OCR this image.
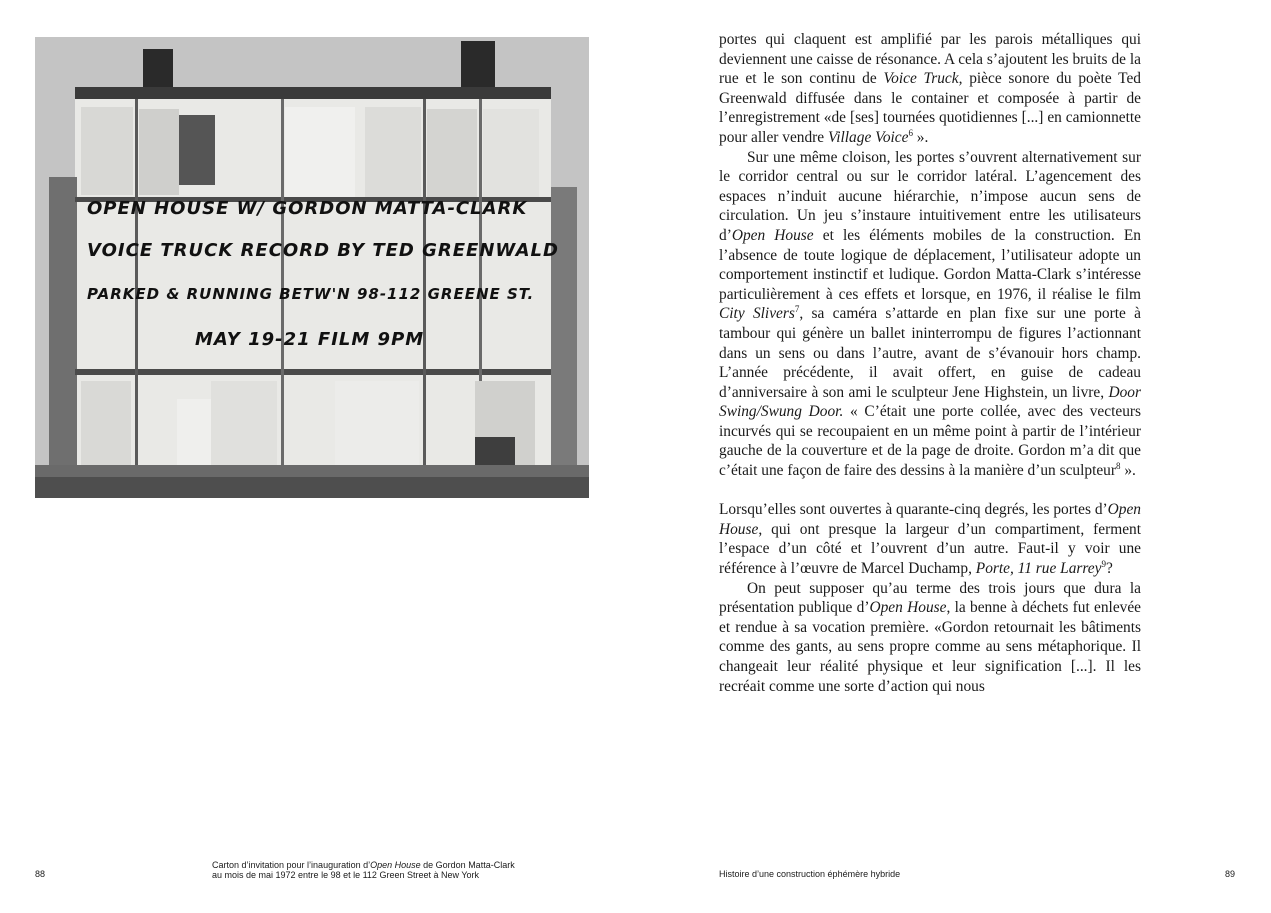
OPEN HOUSE W/ GORDON MATTA-CLARK
VOICE TRUCK RECORD BY TED GREENWALD
PARKED & RUNNING BETW'N 98-112 GREENE ST.
MAY 19-21 FILM 9PM

portes qui claquent est amplifié par les parois métalliques qui deviennent une caisse de résonance. A cela s’ajoutent les bruits de la rue et le son continu de Voice Truck, pièce sonore du poète Ted Greenwald diffusée dans le container et composée à partir de l’enregistrement «de [ses] tournées quotidiennes [...] en camionnette pour aller vendre Village Voice$^6$ ».

Sur une même cloison, les portes s’ouvrent alternativement sur le corridor central ou sur le corridor latéral. L’agencement des espaces n’induit aucune hiérarchie, n’impose aucun sens de circulation. Un jeu s’instaure intuitivement entre les utilisateurs d’Open House et les éléments mobiles de la construction. En l’absence de toute logique de déplacement, l’utilisateur adopte un comportement instinctif et ludique. Gordon Matta-Clark s’intéresse particulièrement à ces effets et lorsque, en 1976, il réalise le film City Slivers$^7$, sa caméra s’attarde en plan fixe sur une porte à tambour qui génère un ballet ininterrompu de figures l’actionnant dans un sens ou dans l’autre, avant de s’évanouir hors champ. L’année précédente, il avait offert, en guise de cadeau d’anniversaire à son ami le sculpteur Jene Highstein, un livre, Door Swing/Swung Door. « C’était une porte collée, avec des vecteurs incurvés qui se recoupaient en un même point à partir de l’intérieur gauche de la couverture et de la page de droite. Gordon m’a dit que c’était une façon de faire des dessins à la manière d’un sculpteur$^8$ ».

Lorsqu’elles sont ouvertes à quarante-cinq degrés, les portes d’Open House, qui ont presque la largeur d’un compartiment, ferment l’espace d’un côté et l’ouvrent d’un autre. Faut-il y voir une référence à l’œuvre de Marcel Duchamp, Porte, 11 rue Larrey$^9$?

On peut supposer qu’au terme des trois jours que dura la présentation publique d’Open House, la benne à déchets fut enlevée et rendue à sa vocation première. «Gordon retournait les bâtiments comme des gants, au sens propre comme au sens métaphorique. Il changeait leur réalité physique et leur signification [...]. Il les recréait comme une sorte d’action qui nous

88
Carton d’invitation pour l’inauguration d’Open House de Gordon Matta-Clark
au mois de mai 1972 entre le 98 et le 112 Green Street à New York	Histoire d’une construction éphémère hybride	89
